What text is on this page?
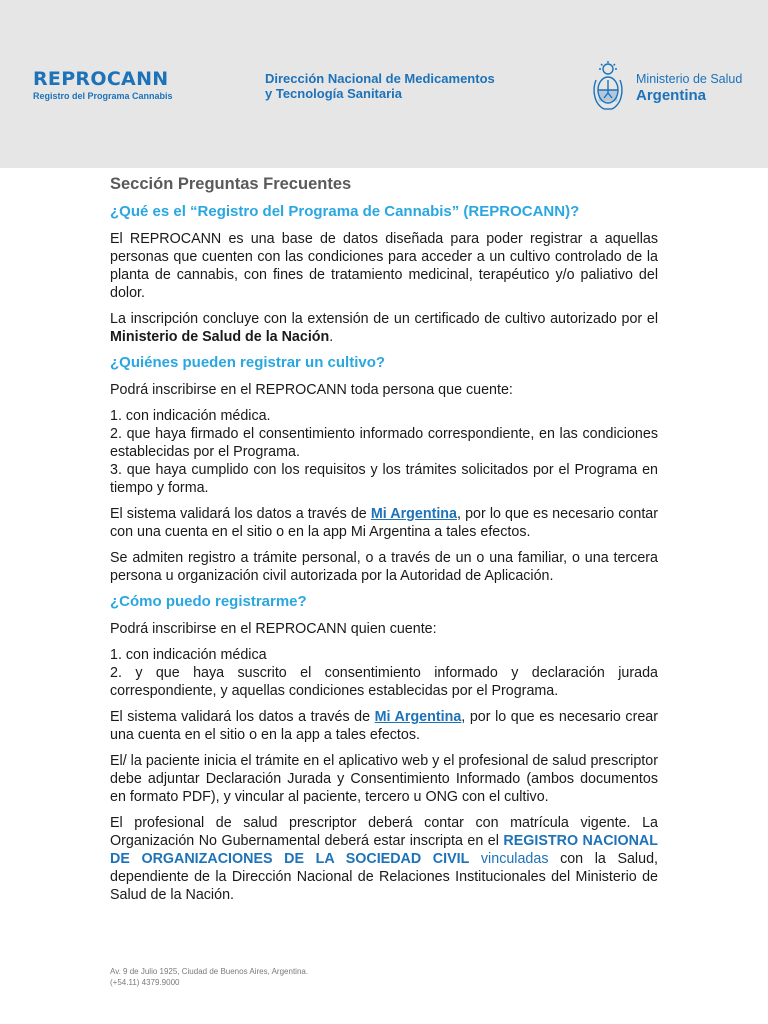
REPROCANN
Registro del Programa Cannabis
Dirección Nacional de Medicamentos
y Tecnología Sanitaria
Ministerio de Salud
Argentina
Sección Preguntas Frecuentes
¿Qué es el “Registro del Programa de Cannabis” (REPROCANN)?

El REPROCANN es una base de datos diseñada para poder registrar a aquellas personas que cuenten con las condiciones para acceder a un cultivo controlado de la planta de cannabis, con fines de tratamiento medicinal, terapéutico y/o paliativo del dolor.

La inscripción concluye con la extensión de un certificado de cultivo autorizado por el Ministerio de Salud de la Nación.

¿Quiénes pueden registrar un cultivo?

Podrá inscribirse en el REPROCANN toda persona que cuente:

1. con indicación médica.
2. que haya firmado el consentimiento informado correspondiente, en las condiciones establecidas por el Programa.
3. que haya cumplido con los requisitos y los trámites solicitados por el Programa en tiempo y forma.

El sistema validará los datos a través de Mi Argentina, por lo que es necesario contar con una cuenta en el sitio o en la app Mi Argentina a tales efectos.

Se admiten registro a trámite personal, o a través de un o una familiar, o una tercera persona u organización civil autorizada por la Autoridad de Aplicación.

¿Cómo puedo registrarme?

Podrá inscribirse en el REPROCANN quien cuente:

1. con indicación médica
2. y que haya suscrito el consentimiento informado y declaración jurada correspondiente, y aquellas condiciones establecidas por el Programa.

El sistema validará los datos a través de Mi Argentina, por lo que es necesario crear una cuenta en el sitio o en la app a tales efectos.

El/ la paciente inicia el trámite en el aplicativo web y el profesional de salud prescriptor debe adjuntar Declaración Jurada y Consentimiento Informado (ambos documentos en formato PDF), y vincular al paciente, tercero u ONG con el cultivo.

El profesional de salud prescriptor deberá contar con matrícula vigente. La Organización No Gubernamental deberá estar inscripta en el REGISTRO NACIONAL DE ORGANIZACIONES DE LA SOCIEDAD CIVIL vinculadas con la Salud, dependiente de la Dirección Nacional de Relaciones Institucionales del Ministerio de Salud de la Nación.

Av. 9 de Julio 1925, Ciudad de Buenos Aires, Argentina.
(+54.11) 4379.9000
